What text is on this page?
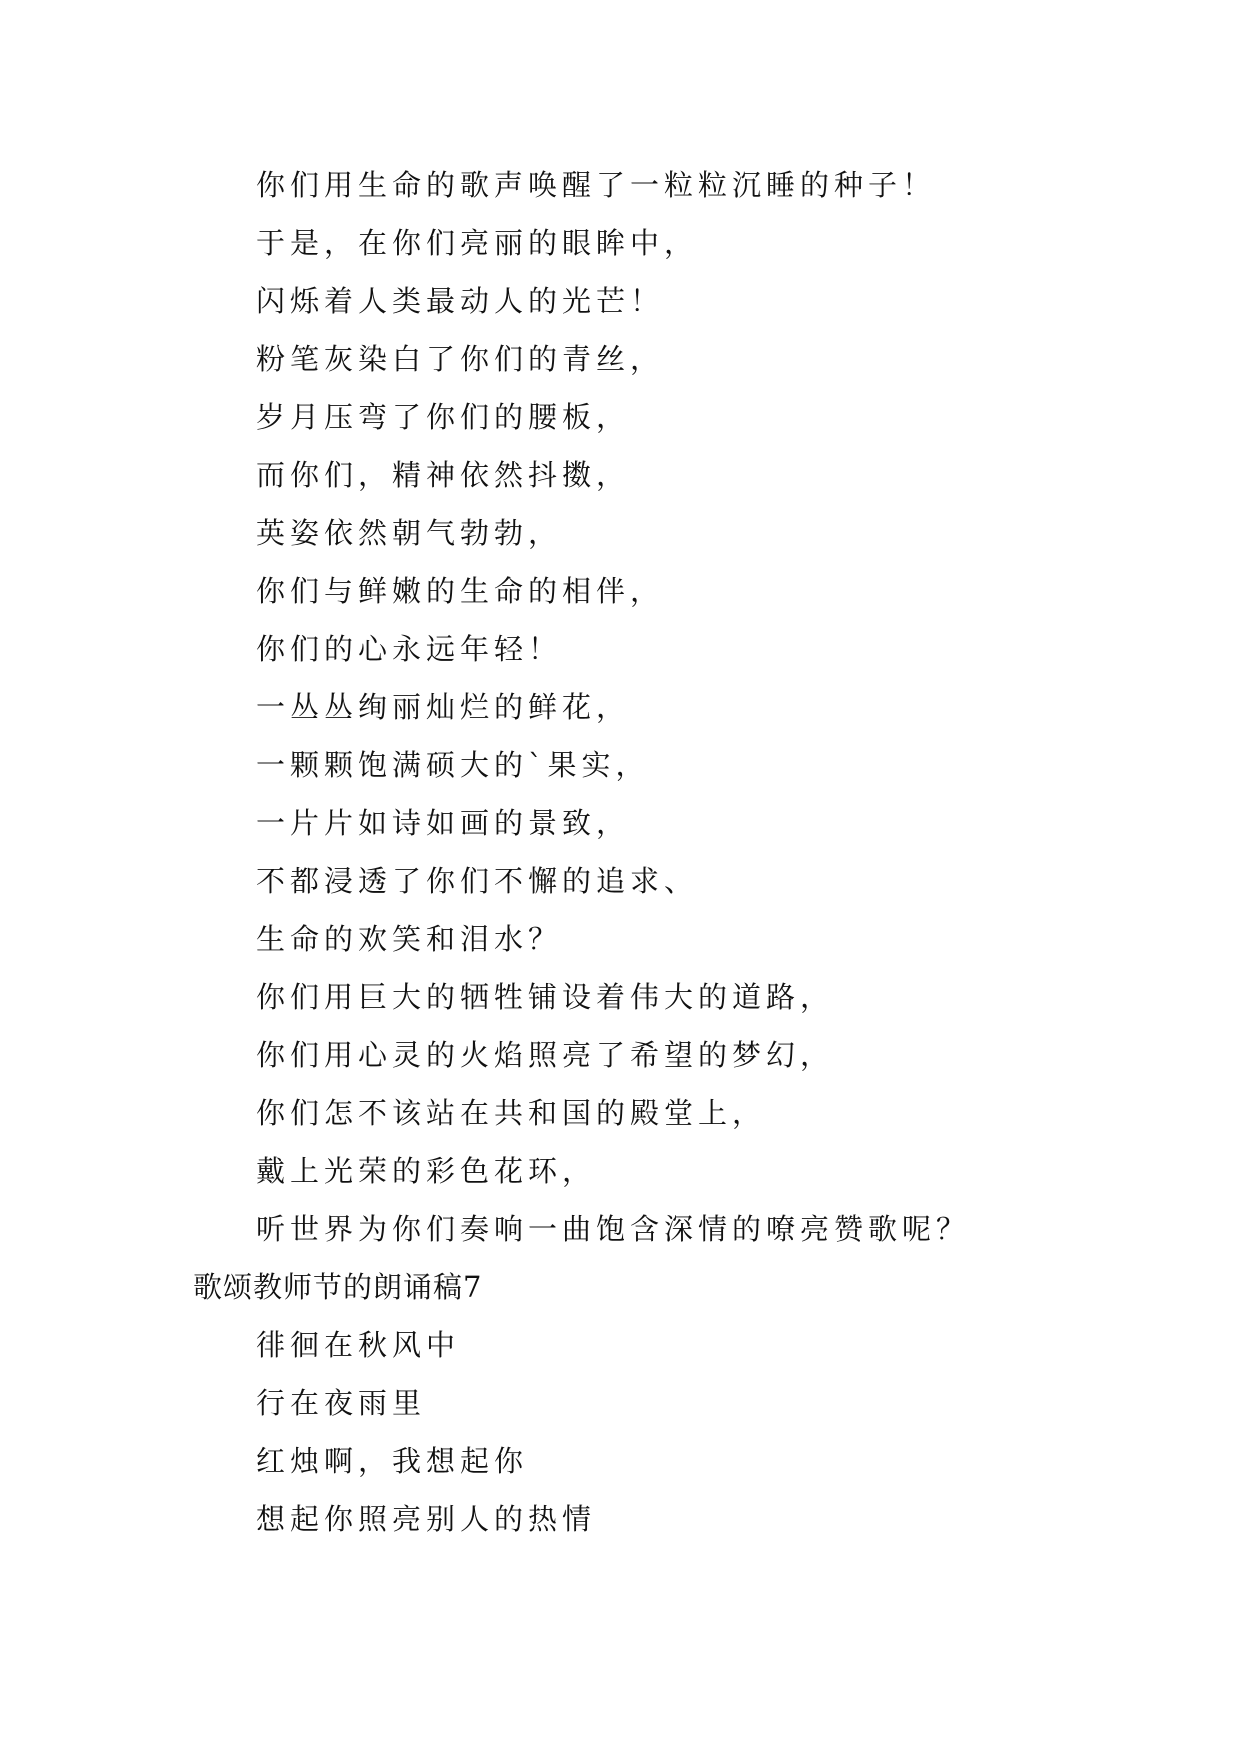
你们用生命的歌声唤醒了一粒粒沉睡的种子！
于是，在你们亮丽的眼眸中，
闪烁着人类最动人的光芒！
粉笔灰染白了你们的青丝，
岁月压弯了你们的腰板，
而你们，精神依然抖擞，
英姿依然朝气勃勃，
你们与鲜嫩的生命的相伴，
你们的心永远年轻！
一丛丛绚丽灿烂的鲜花，
一颗颗饱满硕大的`果实，
一片片如诗如画的景致，
不都浸透了你们不懈的追求、
生命的欢笑和泪水？
你们用巨大的牺牲铺设着伟大的道路，
你们用心灵的火焰照亮了希望的梦幻，
你们怎不该站在共和国的殿堂上，
戴上光荣的彩色花环，
听世界为你们奏响一曲饱含深情的嘹亮赞歌呢？
歌颂教师节的朗诵稿7
徘徊在秋风中
行在夜雨里
红烛啊，我想起你
想起你照亮别人的热情
